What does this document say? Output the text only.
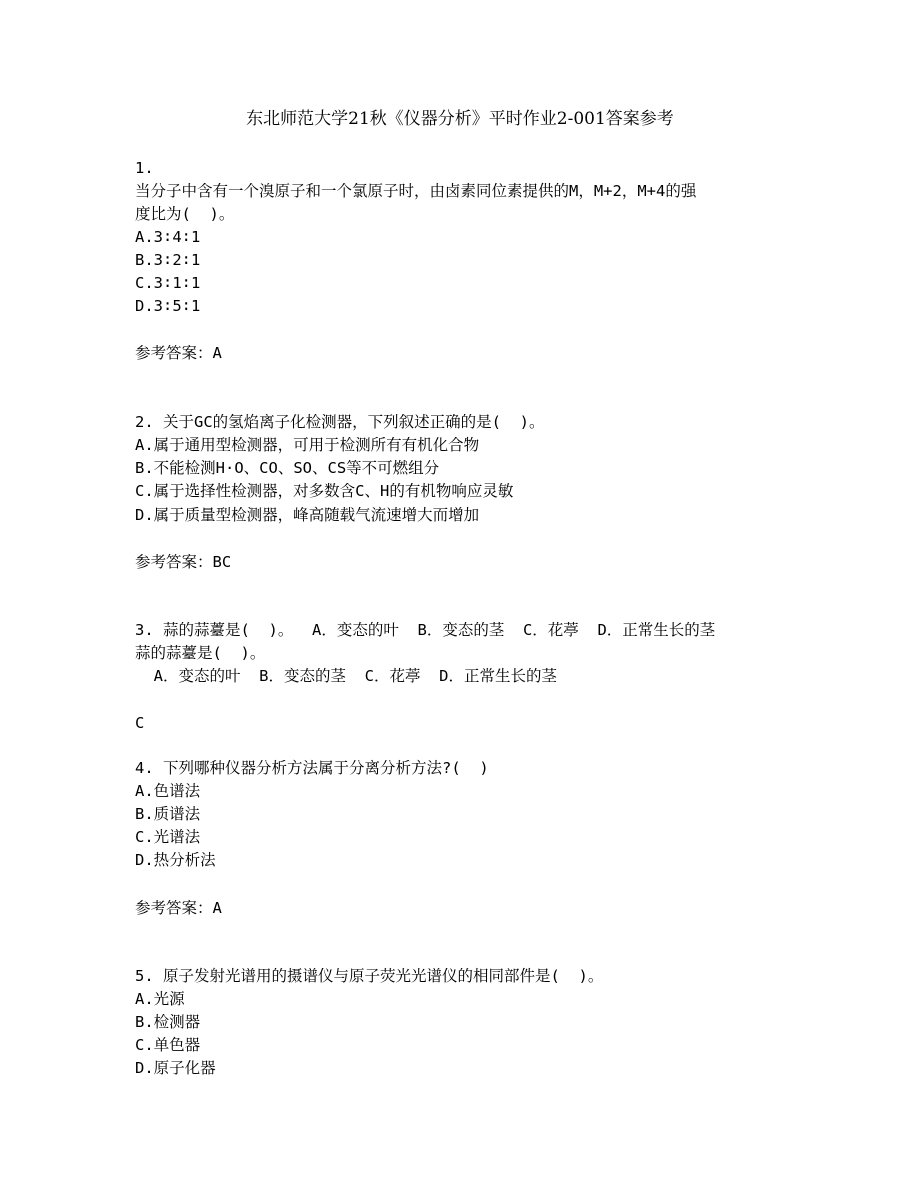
东北师范大学21秋《仪器分析》平时作业2-001答案参考
1.
当分子中含有一个溴原子和一个氯原子时，由卤素同位素提供的M，M+2，M+4的强
度比为(  )。
A.3∶4∶1
B.3∶2∶1
C.3∶1∶1
D.3∶5∶1
参考答案：A
2. 关于GC的氢焰离子化检测器，下列叙述正确的是(  )。
A.属于通用型检测器，可用于检测所有有机化合物
B.不能检测H·O、CO、SO、CS等不可燃组分
C.属于选择性检测器，对多数含C、H的有机物响应灵敏
D.属于质量型检测器，峰高随载气流速增大而增加
参考答案：BC
3. 蒜的蒜薹是(  )。  A．变态的叶  B．变态的茎  C．花葶  D．正常生长的茎
蒜的蒜薹是(  )。
A．变态的叶  B．变态的茎  C．花葶  D．正常生长的茎
C
4. 下列哪种仪器分析方法属于分离分析方法?(  )
A.色谱法
B.质谱法
C.光谱法
D.热分析法
参考答案：A
5. 原子发射光谱用的摄谱仪与原子荧光光谱仪的相同部件是(  )。
A.光源
B.检测器
C.单色器
D.原子化器
